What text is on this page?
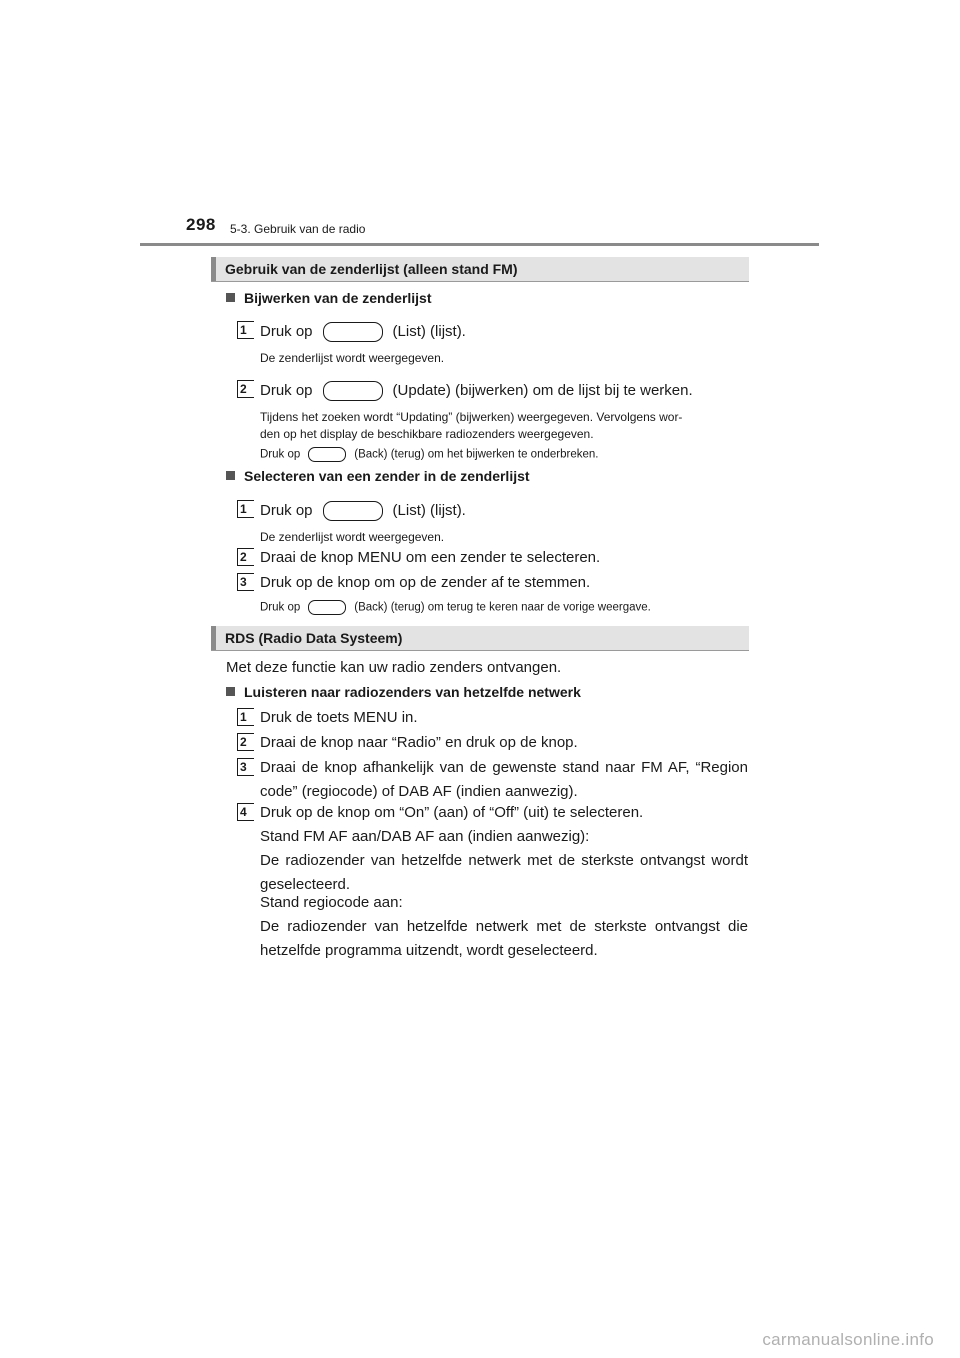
298 5-3. Gebruik van de radio
Gebruik van de zenderlijst (alleen stand FM)
Bijwerken van de zenderlijst
1 Druk op	(List) (lijst).
De zenderlijst wordt weergegeven.
2 Druk op	(Update) (bijwerken) om de lijst bij te werken.
Tijdens het zoeken wordt “Updating” (bijwerken) weergegeven. Vervolgens wor-
den op het display de beschikbare radiozenders weergegeven.
Druk op	(Back) (terug) om het bijwerken te onderbreken.
Selecteren van een zender in de zenderlijst
1 Druk op	(List) (lijst).
De zenderlijst wordt weergegeven.
2 Draai de knop MENU om een zender te selecteren.
3 Druk op de knop om op de zender af te stemmen.
Druk op	(Back) (terug) om terug te keren naar de vorige weergave.
RDS (Radio Data Systeem)
Met deze functie kan uw radio zenders ontvangen.
Luisteren naar radiozenders van hetzelfde netwerk
1 Druk de toets MENU in.
2 Draai de knop naar “Radio” en druk op de knop.
3 Draai de knop afhankelijk van de gewenste stand naar FM AF, “Region
code” (regiocode) of DAB AF (indien aanwezig).
4 Druk op de knop om “On” (aan) of “Off” (uit) te selecteren.
Stand FM AF aan/DAB AF aan (indien aanwezig):
De radiozender van hetzelfde netwerk met de sterkste ontvangst wordt
geselecteerd.
Stand regiocode aan:
De radiozender van hetzelfde netwerk met de sterkste ontvangst die
hetzelfde programma uitzendt, wordt geselecteerd.
carmanualsonline.info
